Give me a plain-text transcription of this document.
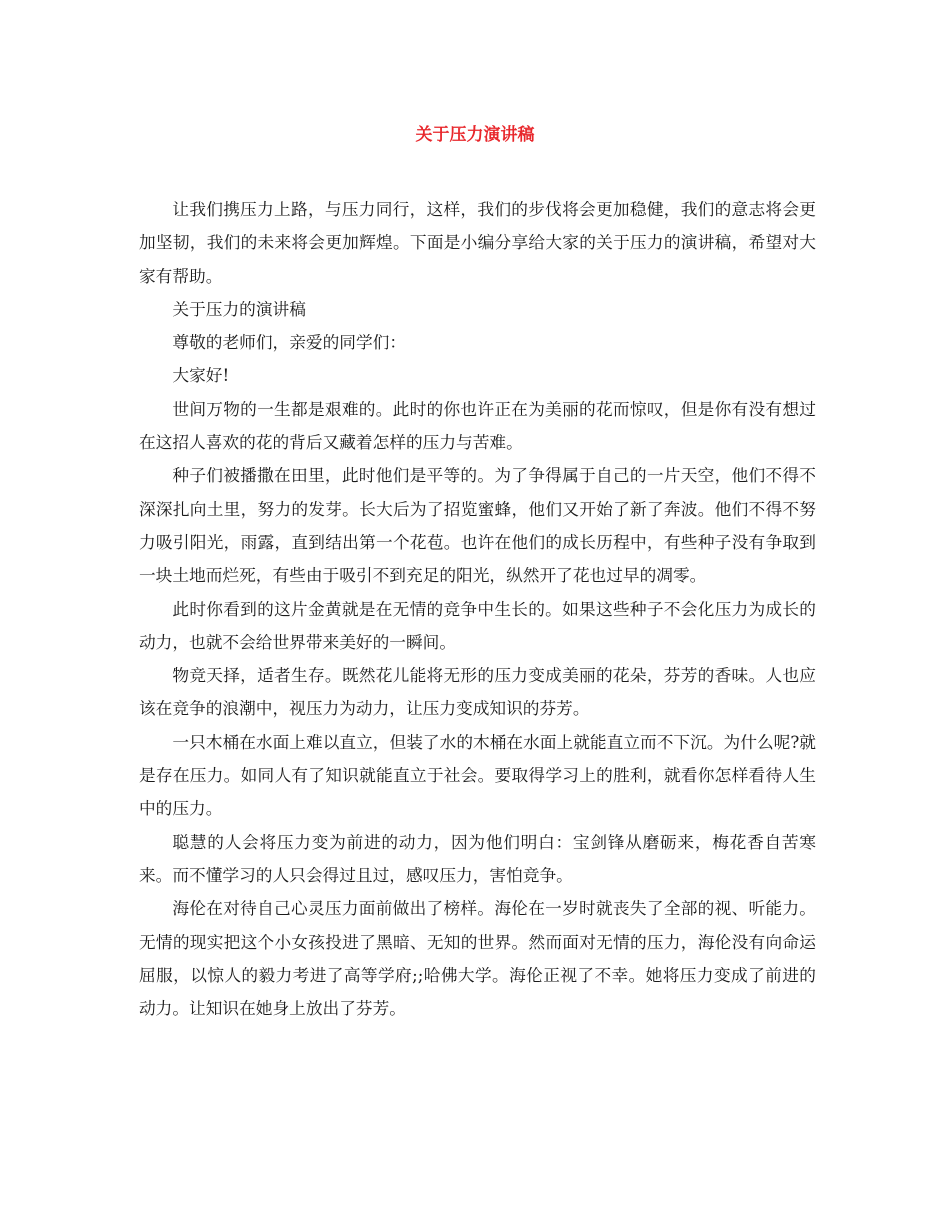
关于压力演讲稿

让我们携压力上路，与压力同行，这样，我们的步伐将会更加稳健，我们的意志将会更加坚韧，我们的未来将会更加辉煌。下面是小编分享给大家的关于压力的演讲稿，希望对大家有帮助。

关于压力的演讲稿

尊敬的老师们，亲爱的同学们：

大家好!

世间万物的一生都是艰难的。此时的你也许正在为美丽的花而惊叹，但是你有没有想过在这招人喜欢的花的背后又藏着怎样的压力与苦难。

种子们被播撒在田里，此时他们是平等的。为了争得属于自己的一片天空，他们不得不深深扎向土里，努力的发芽。长大后为了招览蜜蜂，他们又开始了新了奔波。他们不得不努力吸引阳光，雨露，直到结出第一个花苞。也许在他们的成长历程中，有些种子没有争取到一块土地而烂死，有些由于吸引不到充足的阳光，纵然开了花也过早的凋零。

此时你看到的这片金黄就是在无情的竞争中生长的。如果这些种子不会化压力为成长的动力，也就不会给世界带来美好的一瞬间。

物竞天择，适者生存。既然花儿能将无形的压力变成美丽的花朵，芬芳的香味。人也应该在竞争的浪潮中，视压力为动力，让压力变成知识的芬芳。

一只木桶在水面上难以直立，但装了水的木桶在水面上就能直立而不下沉。为什么呢?就是存在压力。如同人有了知识就能直立于社会。要取得学习上的胜利，就看你怎样看待人生中的压力。

聪慧的人会将压力变为前进的动力，因为他们明白：宝剑锋从磨砺来，梅花香自苦寒来。而不懂学习的人只会得过且过，感叹压力，害怕竞争。

海伦在对待自己心灵压力面前做出了榜样。海伦在一岁时就丧失了全部的视、听能力。无情的现实把这个小女孩投进了黑暗、无知的世界。然而面对无情的压力，海伦没有向命运屈服，以惊人的毅力考进了高等学府;;哈佛大学。海伦正视了不幸。她将压力变成了前进的动力。让知识在她身上放出了芬芳。
